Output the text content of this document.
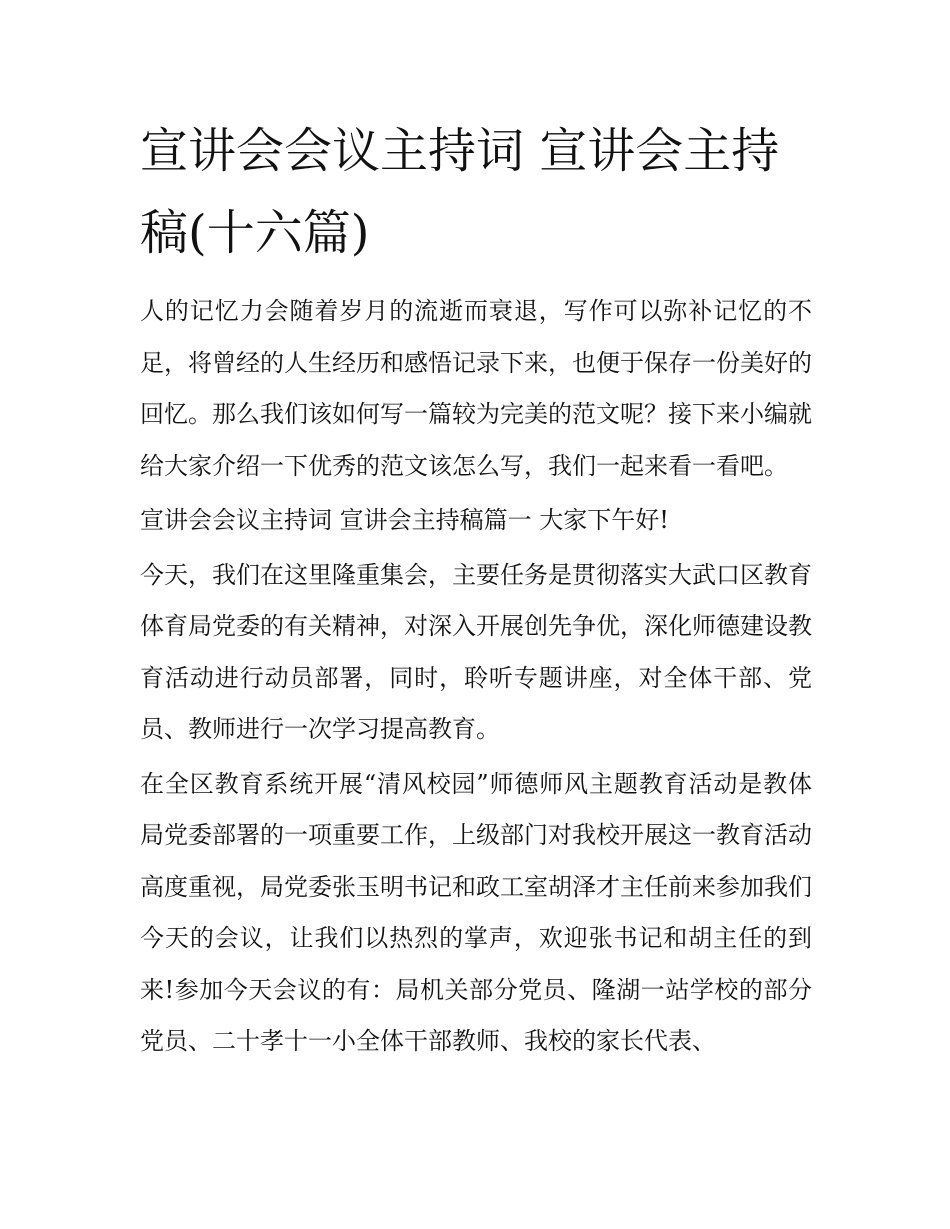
宣讲会会议主持词 宣讲会主持稿(十六篇)

人的记忆力会随着岁月的流逝而衰退，写作可以弥补记忆的不足，将曾经的人生经历和感悟记录下来，也便于保存一份美好的回忆。那么我们该如何写一篇较为完美的范文呢？接下来小编就给大家介绍一下优秀的范文该怎么写，我们一起来看一看吧。

宣讲会会议主持词 宣讲会主持稿篇一 大家下午好!

今天，我们在这里隆重集会，主要任务是贯彻落实大武口区教育体育局党委的有关精神，对深入开展创先争优，深化师德建设教育活动进行动员部署，同时，聆听专题讲座，对全体干部、党员、教师进行一次学习提高教育。

在全区教育系统开展“清风校园”师德师风主题教育活动是教体局党委部署的一项重要工作，上级部门对我校开展这一教育活动高度重视，局党委张玉明书记和政工室胡泽才主任前来参加我们今天的会议，让我们以热烈的掌声，欢迎张书记和胡主任的到来!参加今天会议的有：局机关部分党员、隆湖一站学校的部分党员、二十孝十一小全体干部教师、我校的家长代表、
